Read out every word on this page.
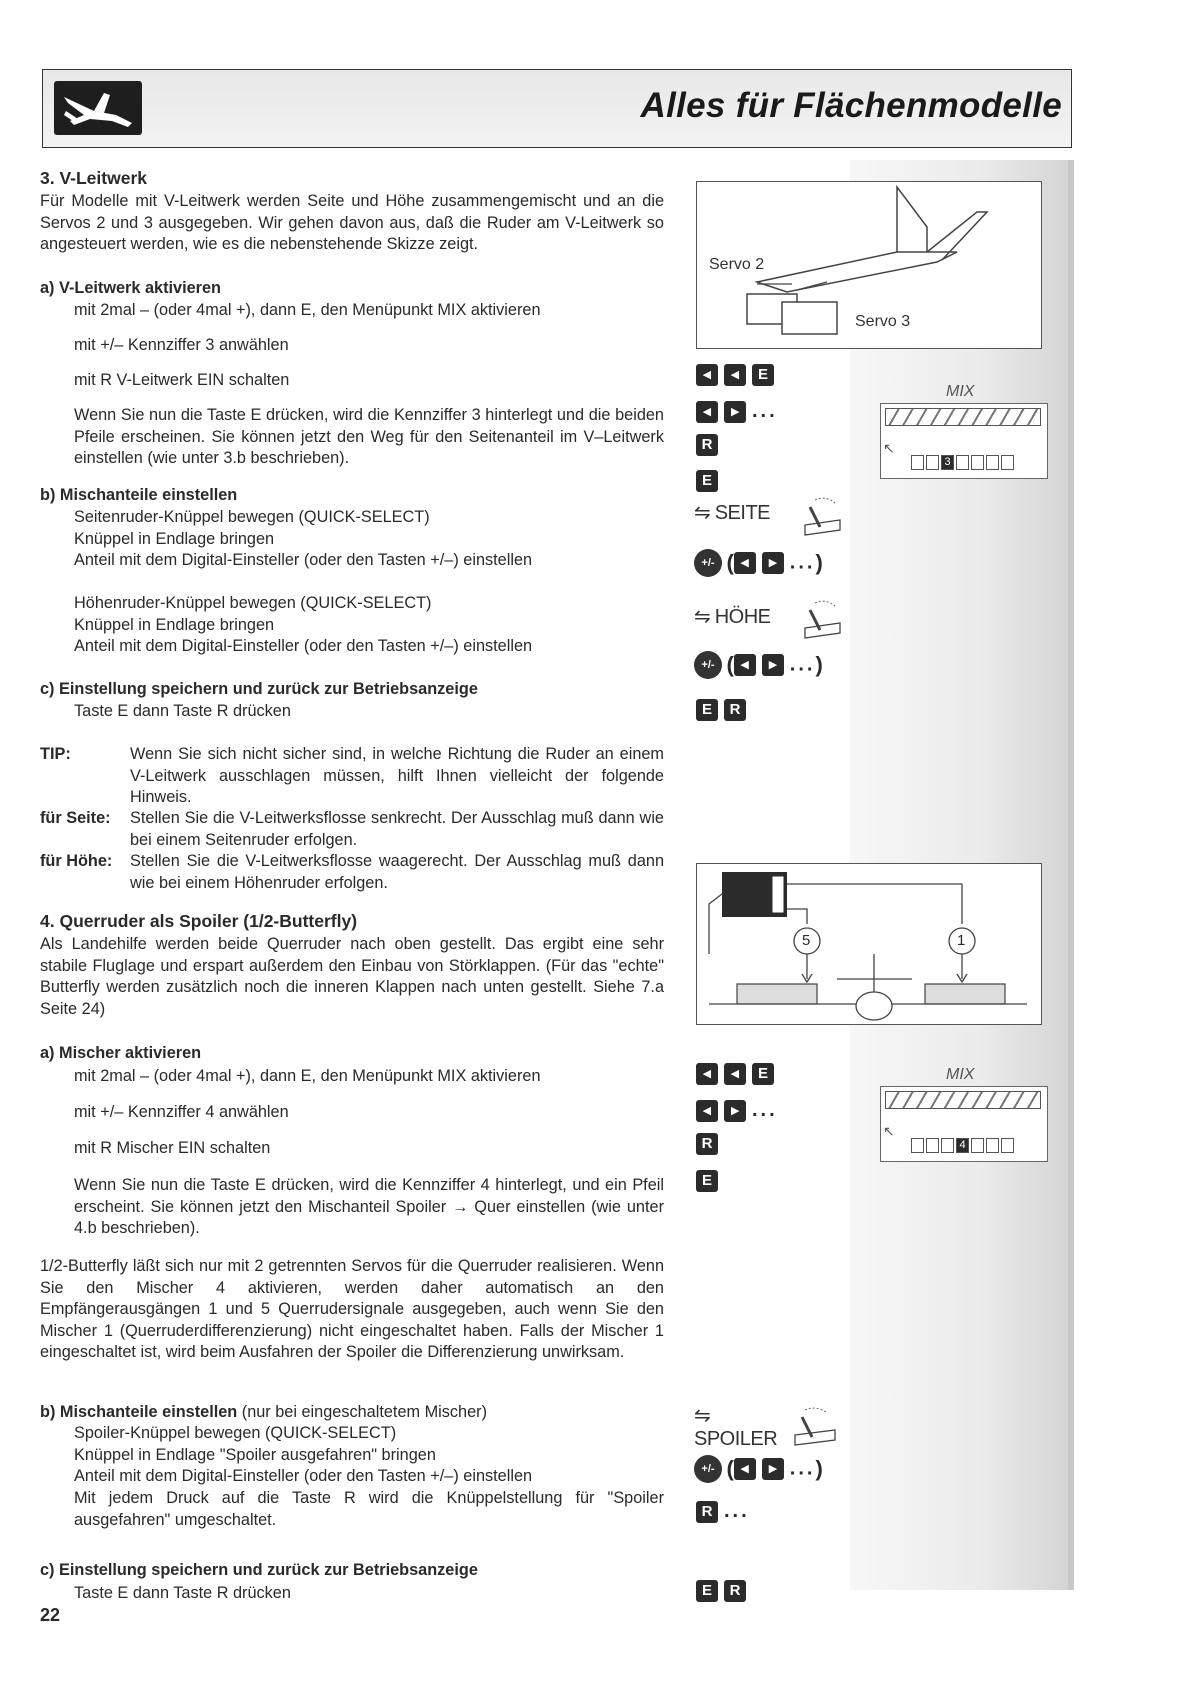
Alles für Flächenmodelle
3. V-Leitwerk
Für Modelle mit V-Leitwerk werden Seite und Höhe zusammengemischt und an die Servos 2 und 3 ausgegeben. Wir gehen davon aus, daß die Ruder am V-Leitwerk so angesteuert werden, wie es die nebenstehende Skizze zeigt.
a) V-Leitwerk aktivieren
mit 2mal – (oder 4mal +), dann E, den Menüpunkt MIX aktivieren
mit +/– Kennziffer 3 anwählen
mit R V-Leitwerk EIN schalten
Wenn Sie nun die Taste E drücken, wird die Kennziffer 3 hinterlegt und die beiden Pfeile erscheinen. Sie können jetzt den Weg für den Seitenanteil im V–Leitwerk einstellen (wie unter 3.b beschrieben).
b) Mischanteile einstellen
Seitenruder-Knüppel bewegen (QUICK-SELECT)
Knüppel in Endlage bringen
Anteil mit dem Digital-Einsteller (oder den Tasten +/–) einstellen
Höhenruder-Knüppel bewegen (QUICK-SELECT)
Knüppel in Endlage bringen
Anteil mit dem Digital-Einsteller (oder den Tasten +/–) einstellen
c) Einstellung speichern und zurück zur Betriebsanzeige
Taste E dann Taste R drücken
TIP:	Wenn Sie sich nicht sicher sind, in welche Richtung die Ruder an einem V-Leitwerk ausschlagen müssen, hilft Ihnen vielleicht der folgende Hinweis.
für Seite: Stellen Sie die V-Leitwerksflosse senkrecht. Der Ausschlag muß dann wie bei einem Seitenruder erfolgen.
für Höhe: Stellen Sie die V-Leitwerksflosse waagerecht. Der Ausschlag muß dann wie bei einem Höhenruder erfolgen.
4. Querruder als Spoiler (1/2-Butterfly)
Als Landehilfe werden beide Querruder nach oben gestellt. Das ergibt eine sehr stabile Fluglage und erspart außerdem den Einbau von Störklappen. (Für das "echte" Butterfly werden zusätzlich noch die inneren Klappen nach unten gestellt. Siehe 7.a Seite 24)
a) Mischer aktivieren
mit 2mal – (oder 4mal +), dann E, den Menüpunkt MIX aktivieren
mit +/– Kennziffer 4 anwählen
mit R Mischer EIN schalten
Wenn Sie nun die Taste E drücken, wird die Kennziffer 4 hinterlegt, und ein Pfeil erscheint. Sie können jetzt den Mischanteil Spoiler → Quer einstellen (wie unter 4.b beschrieben).
1/2-Butterfly läßt sich nur mit 2 getrennten Servos für die Querruder realisieren. Wenn Sie den Mischer 4 aktivieren, werden daher automatisch an den Empfängerausgängen 1 und 5 Querrudersignale ausgegeben, auch wenn Sie den Mischer 1 (Querruderdifferenzierung) nicht eingeschaltet haben. Falls der Mischer 1 eingeschaltet ist, wird beim Ausfahren der Spoiler die Differenzierung unwirksam.
b) Mischanteile einstellen (nur bei eingeschaltetem Mischer)
Spoiler-Knüppel bewegen (QUICK-SELECT)
Knüppel in Endlage "Spoiler ausgefahren" bringen
Anteil mit dem Digital-Einsteller (oder den Tasten +/–) einstellen
Mit jedem Druck auf die Taste R wird die Knüppelstellung für "Spoiler ausgefahren" umgeschaltet.
c) Einstellung speichern und zurück zur Betriebsanzeige
Taste E dann Taste R drücken
22
Servo 2
Servo 3
◂ ◂ E
◂ ▸ ...
R
E
MIX
↖
3
⇋ SEITE
+/- ( ◂ ▸ ...)
⇋ HÖHE
+/- ( ◂ ▸ ...)
E R
5	1
◂ ◂ E
◂ ▸ ...
R
E
MIX
↖
4
⇋
SPOILER
+/- ( ◂ ▸ ...)
R ...
E R
